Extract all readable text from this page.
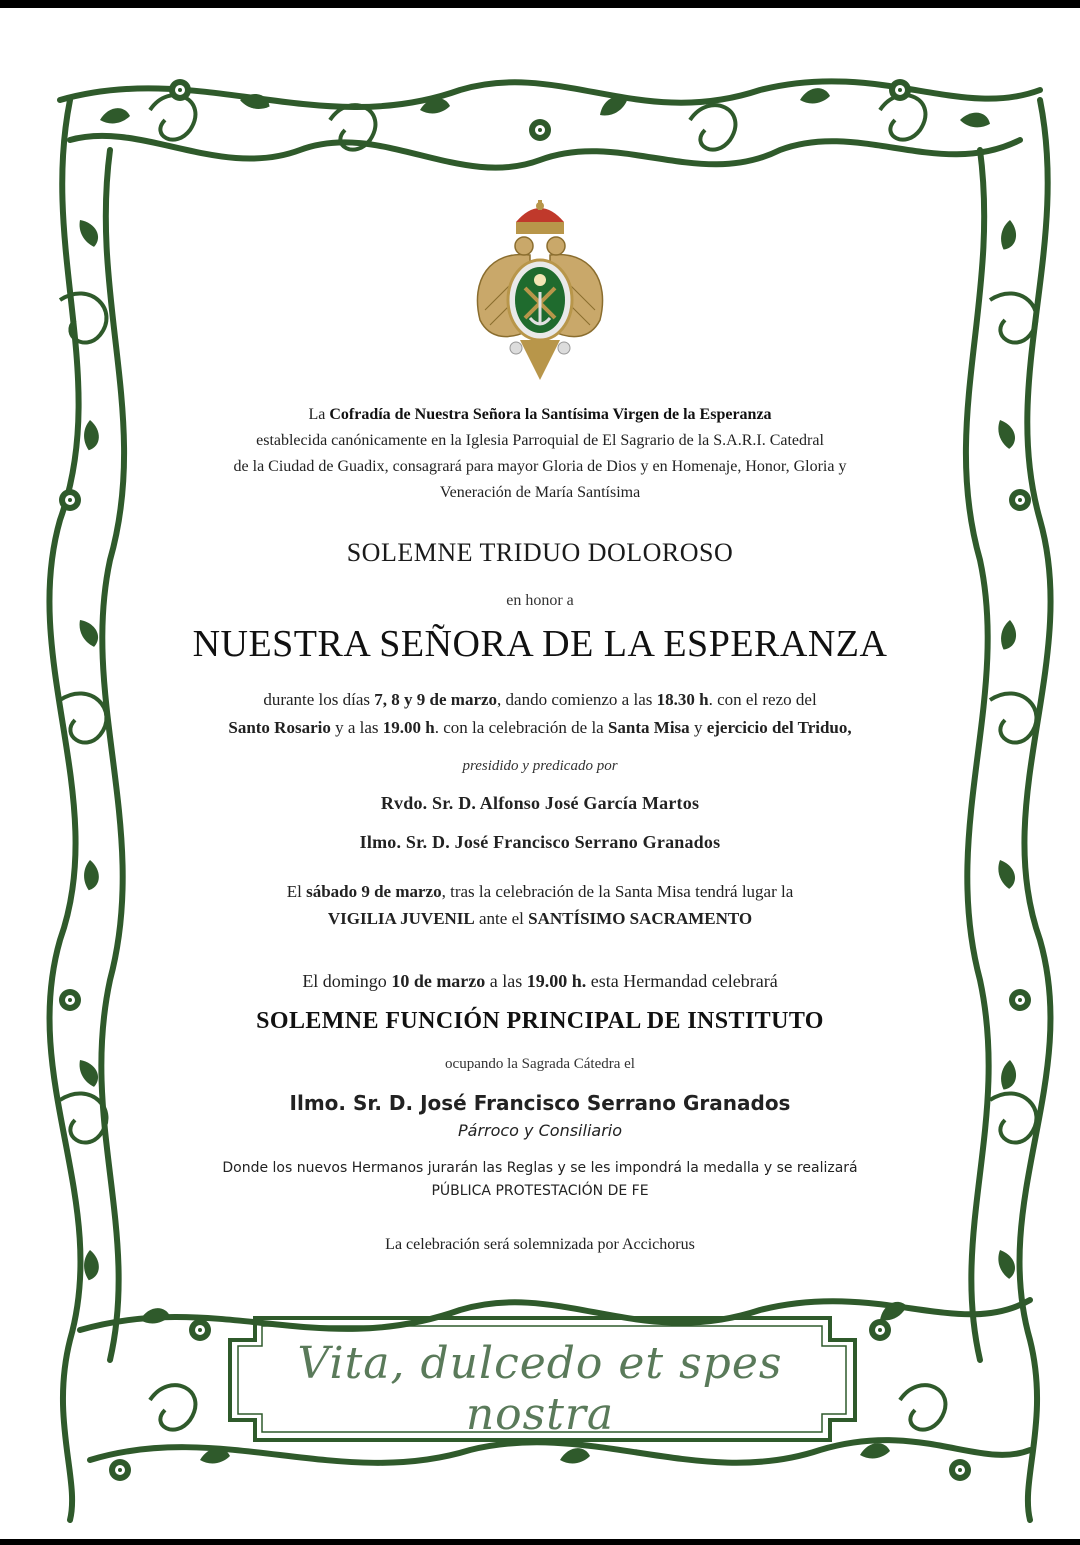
La Cofradía de Nuestra Señora la Santísima Virgen de la Esperanza
establecida canónicamente en la Iglesia Parroquial de El Sagrario de la S.A.R.I. Catedral
de la Ciudad de Guadix, consagrará para mayor Gloria de Dios y en Homenaje, Honor, Gloria y
Veneración de María Santísima
SOLEMNE TRIDUO DOLOROSO
en honor a
NUESTRA SEÑORA DE LA ESPERANZA
durante los días 7, 8 y 9 de marzo, dando comienzo a las 18.30 h. con el rezo del
Santo Rosario y a las 19.00 h. con la celebración de la Santa Misa y ejercicio del Triduo,
presidido y predicado por
Rvdo. Sr. D. Alfonso José García Martos
Ilmo. Sr. D. José Francisco Serrano Granados
El sábado 9 de marzo, tras la celebración de la Santa Misa tendrá lugar la
VIGILIA JUVENIL ante el SANTÍSIMO SACRAMENTO
El domingo 10 de marzo a las 19.00 h. esta Hermandad celebrará
SOLEMNE FUNCIÓN PRINCIPAL DE INSTITUTO
ocupando la Sagrada Cátedra el
Ilmo. Sr. D. José Francisco Serrano Granados
Párroco y Consiliario
Donde los nuevos Hermanos jurarán las Reglas y se les impondrá la medalla y se realizará
PÚBLICA PROTESTACIÓN DE FE
La celebración será solemnizada por Accichorus
Vita, dulcedo et spes nostra
